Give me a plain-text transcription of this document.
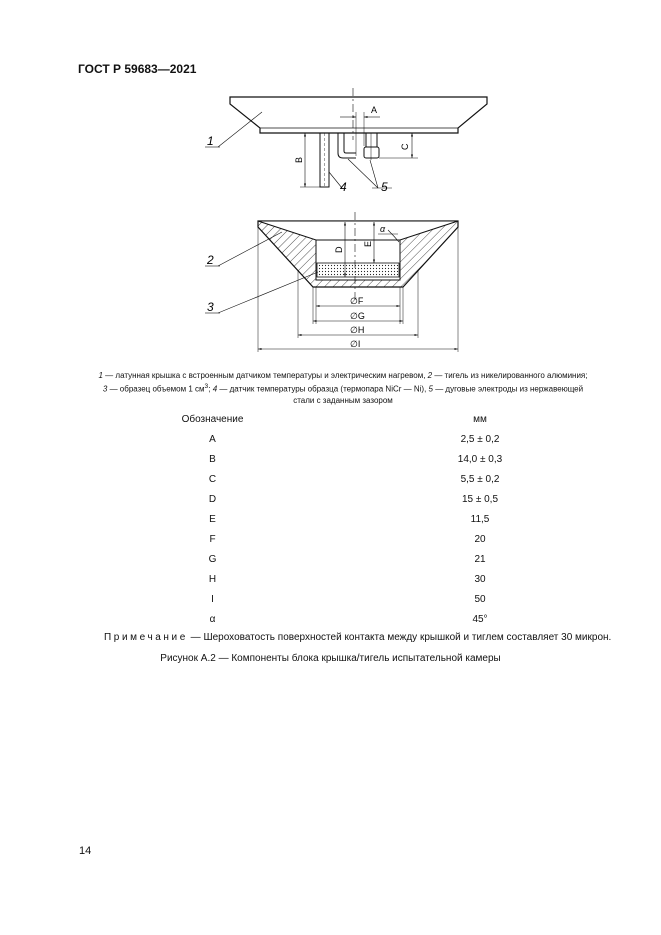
ГОСТ Р 59683—2021
A
B
C
D
E
α
∅F
∅G
∅H
∅I
1
2
3
4	5
1 — латунная крышка с встроенным датчиком температуры и электрическим нагревом, 2 — тигель из никелированного алюминия;
3 — образец объемом 1 $см^3$; 4 — датчик температуры образца (термопара NiCr — Ni), 5 — дуговые электроды из нержавеющей
стали с заданным зазором
Обозначение	мм
A	2,5 ± 0,2
B	14,0 ± 0,3
C	5,5 ± 0,2
D	15 ± 0,5
E	11,5
F	20
G	21
H	30
I	50
α	45°
Примечание — Шероховатость поверхностей контакта между крышкой и тиглем составляет 30 микрон.
Рисунок А.2 — Компоненты блока крышка/тигель испытательной камеры
14
